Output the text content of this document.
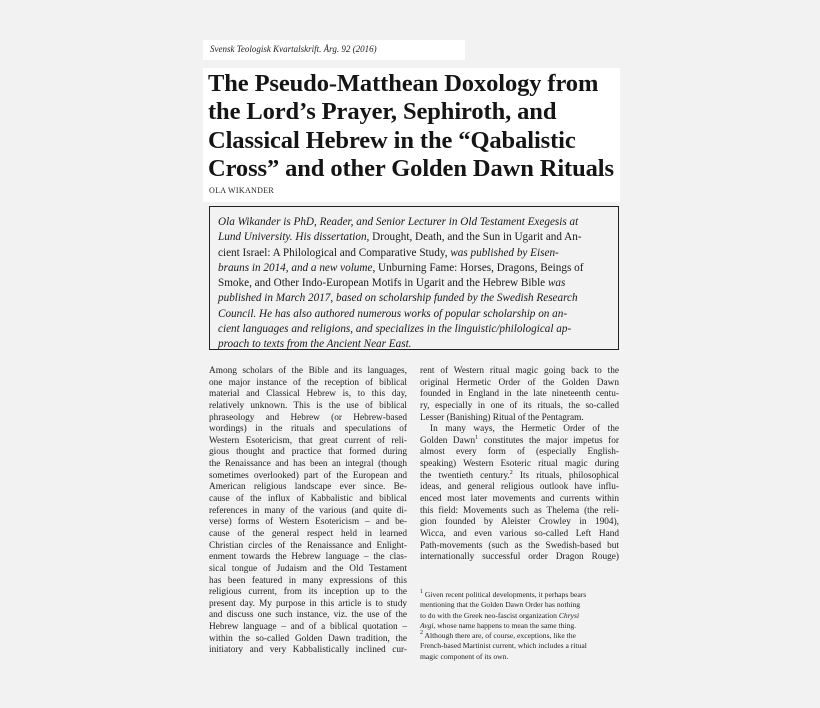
Svensk Teologisk Kvartalskrift. Årg. 92 (2016)
The Pseudo-Matthean Doxology from
the Lord’s Prayer, Sephiroth, and
Classical Hebrew in the “Qabalistic
Cross” and other Golden Dawn Rituals
OLA WIKANDER
Ola Wikander is PhD, Reader, and Senior Lecturer in Old Testament Exegesis at
Lund University. His dissertation, Drought, Death, and the Sun in Ugarit and An-
cient Israel: A Philological and Comparative Study, was published by Eisen-
brauns in 2014, and a new volume, Unburning Fame: Horses, Dragons, Beings of
Smoke, and Other Indo-European Motifs in Ugarit and the Hebrew Bible was
published in March 2017, based on scholarship funded by the Swedish Research
Council. He has also authored numerous works of popular scholarship on an-
cient languages and religions, and specializes in the linguistic/philological ap-
proach to texts from the Ancient Near East.
Among scholars of the Bible and its languages,
one major instance of the reception of biblical
material and Classical Hebrew is, to this day,
relatively unknown. This is the use of biblical
phraseology and Hebrew (or Hebrew-based
wordings) in the rituals and speculations of
Western Esotericism, that great current of reli-
gious thought and practice that formed during
the Renaissance and has been an integral (though
sometimes overlooked) part of the European and
American religious landscape ever since. Be-
cause of the influx of Kabbalistic and biblical
references in many of the various (and quite di-
verse) forms of Western Esotericism – and be-
cause of the general respect held in learned
Christian circles of the Renaissance and Enlight-
enment towards the Hebrew language – the clas-
sical tongue of Judaism and the Old Testament
has been featured in many expressions of this
religious current, from its inception up to the
present day. My purpose in this article is to study
and discuss one such instance, viz. the use of the
Hebrew language – and of a biblical quotation –
within the so-called Golden Dawn tradition, the
initiatory and very Kabbalistically inclined cur-
rent of Western ritual magic going back to the
original Hermetic Order of the Golden Dawn
founded in England in the late nineteenth centu-
ry, especially in one of its rituals, the so-called
Lesser (Banishing) Ritual of the Pentagram.
In many ways, the Hermetic Order of the
Golden Dawn$^1$ constitutes the major impetus for
almost every form of (especially English-
speaking) Western Esoteric ritual magic during
the twentieth century.$^2$ Its rituals, philosophical
ideas, and general religious outlook have influ-
enced most later movements and currents within
this field: Movements such as Thelema (the reli-
gion founded by Aleister Crowley in 1904),
Wicca, and even various so-called Left Hand
Path-movements (such as the Swedish-based but
internationally successful order Dragon Rouge)
$^1$ Given recent political developments, it perhaps bears
mentioning that the Golden Dawn Order has nothing
to do with the Greek neo-fascist organization Chrysi
Avgi, whose name happens to mean the same thing.
$^2$ Although there are, of course, exceptions, like the
French-based Martinist current, which includes a ritual
magic component of its own.
